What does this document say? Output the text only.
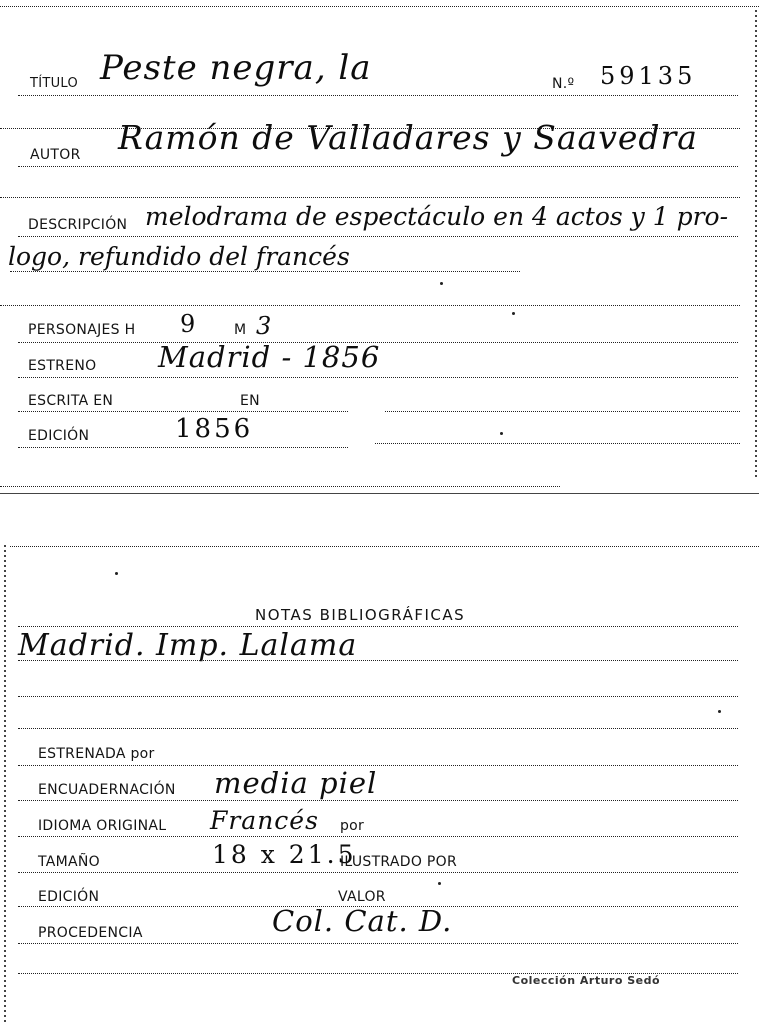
TÍTULO Peste negra, la	N.º 59135
AUTOR Ramón de Valladares y Saavedra
DESCRIPCIÓN melodrama de espectáculo en 4 actos y 1 pro-
logo, refundido del francés
PERSONAJES H 9	M 3
ESTRENO Madrid - 1856
ESCRITA EN	EN
EDICIÓN	1856
NOTAS BIBLIOGRÁFICAS
Madrid. Imp. Lalama
ESTRENADA por
ENCUADERNACIÓN media piel
IDIOMA ORIGINAL Francés por
TAMAÑO	18 x 21.5
ILUSTRADO POR
EDICIÓN	VALOR
PROCEDENCIA	Col. Cat. D.
Colección Arturo Sedó
